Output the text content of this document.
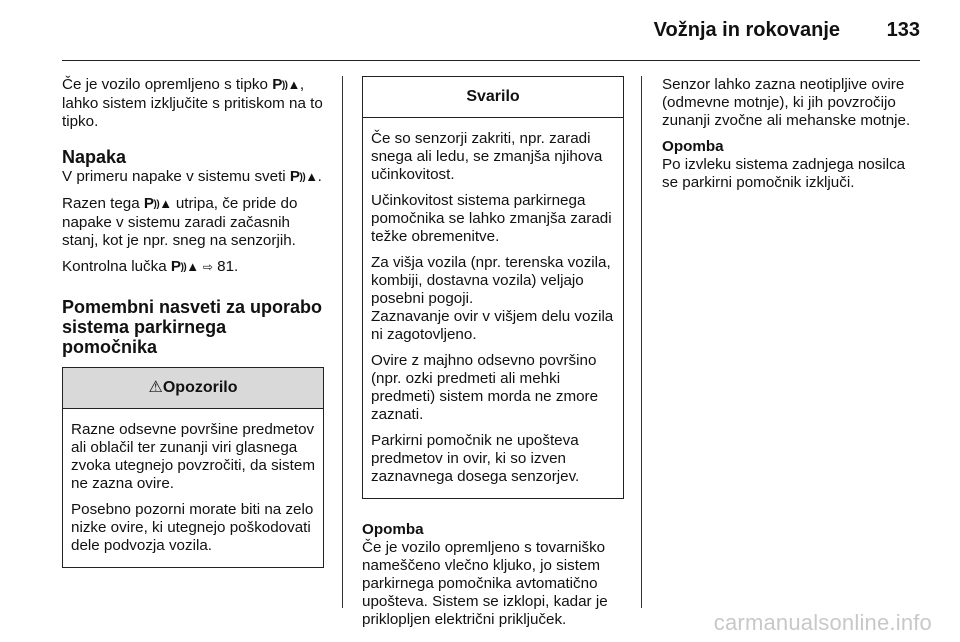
Vožnja in rokovanje 133

Če je vozilo opremljeno s tipko P))▲, lahko sistem izključite s pritiskom na to tipko.

Napaka

V primeru napake v sistemu sveti P))▲.

Razen tega P))▲ utripa, če pride do napake v sistemu zaradi začasnih stanj, kot je npr. sneg na senzorjih.

Kontrolna lučka P))▲ ⇨ 81.

Pomembni nasveti za uporabo sistema parkirnega pomočnika
⚠Opozorilo

Razne odsevne površine predmetov ali oblačil ter zunanji viri glasnega zvoka utegnejo povzročiti, da sistem ne zazna ovire.

Posebno pozorni morate biti na zelo nizke ovire, ki utegnejo poškodovati dele podvozja vozila.

Svarilo

Če so senzorji zakriti, npr. zaradi snega ali ledu, se zmanjša njihova učinkovitost.

Učinkovitost sistema parkirnega pomočnika se lahko zmanjša zaradi težke obremenitve.

Za višja vozila (npr. terenska vozila, kombiji, dostavna vozila) veljajo posebni pogoji.

Zaznavanje ovir v višjem delu vozila ni zagotovljeno.

Ovire z majhno odsevno površino (npr. ozki predmeti ali mehki predmeti) sistem morda ne zmore zaznati.

Parkirni pomočnik ne upošteva predmetov in ovir, ki so izven zaznavnega dosega senzorjev.

Opomba

Če je vozilo opremljeno s tovarniško nameščeno vlečno kljuko, jo sistem parkirnega pomočnika avtomatično upošteva. Sistem se izklopi, kadar je priklopljen električni priključek.

Senzor lahko zazna neotipljive ovire (odmevne motnje), ki jih povzročijo zunanji zvočne ali mehanske motnje.

Opomba

Po izvleku sistema zadnjega nosilca se parkirni pomočnik izključi.

carmanualsonline.info
